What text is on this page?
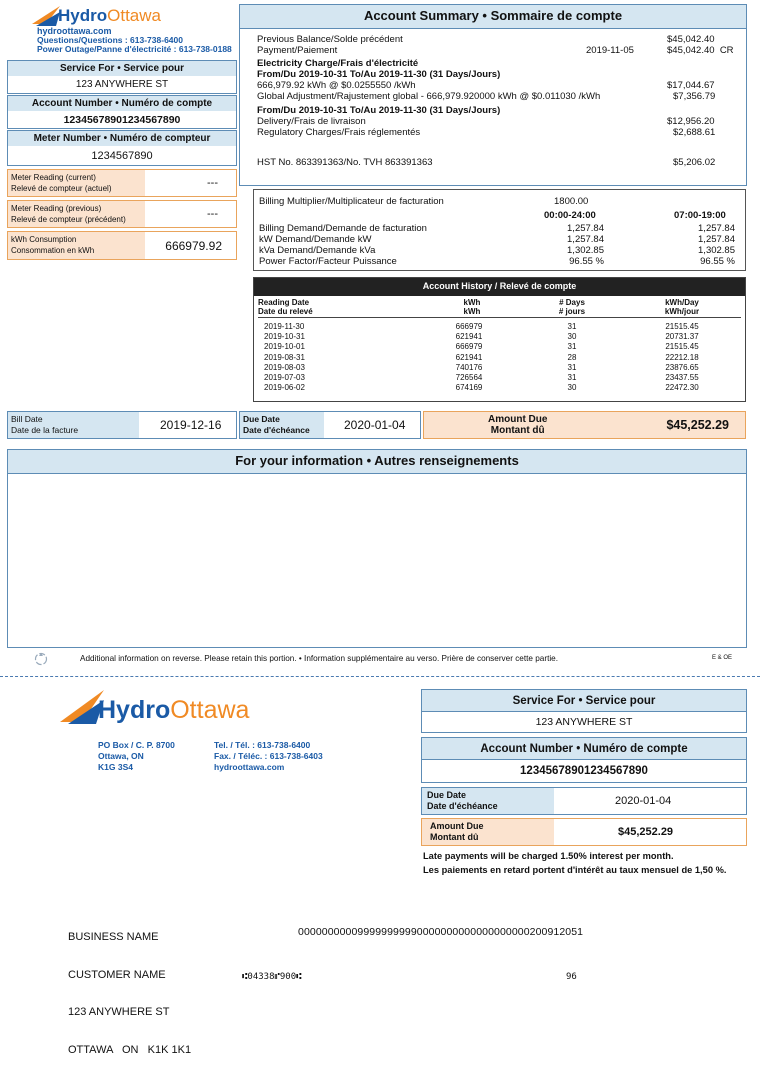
HydroOttawa
hydroottawa.com
Questions/Questions : 613-738-6400
Power Outage/Panne d'électricité : 613-738-0188
Service For • Service pour
123 ANYWHERE ST
Account Number • Numéro de compte
12345678901234567890
Meter Number • Numéro de compteur
1234567890
Meter Reading (current)
Relevé de compteur (actuel)	---
Meter Reading (previous)
Relevé de compteur (précédent)	---
kWh Consumption
Consommation en kWh	666979.92
Account Summary • Sommaire de compte
Previous Balance/Solde précédent	$45,042.40
Payment/Paiement	2019-11-05	$45,042.40  CR
Electricity Charge/Frais d'électricité
From/Du 2019-10-31 To/Au 2019-11-30 (31 Days/Jours)
666,979.92 kWh @ $0.0255550 /kWh	$17,044.67
Global Adjustment/Rajustement global - 666,979.920000 kWh @ $0.011030 /kWh	$7,356.79
From/Du 2019-10-31 To/Au 2019-11-30 (31 Days/Jours)
Delivery/Frais de livraison	$12,956.20
Regulatory Charges/Frais réglementés	$2,688.61
HST No. 863391363/No. TVH 863391363	$5,206.02
Billing Multiplier/Multiplicateur de facturation	1800.00
00:00-24:00	07:00-19:00
Billing Demand/Demande de facturation	1,257.84	1,257.84
kW Demand/Demande kW	1,257.84	1,257.84
kVa Demand/Demande kVa	1,302.85	1,302.85
Power Factor/Facteur Puissance	96.55 %	96.55 %
Account History / Relevé de compte
Reading Date
Date du relevé
kWh
kWh
# Days
# jours
kWh/Day
kWh/jour
2019-11-30	666979	31	21515.45
2019-10-31	621941	30	20731.37
2019-10-01	666979	31	21515.45
2019-08-31	621941	28	22212.18
2019-08-03	740176	31	23876.65
2019-07-03	726564	31	23437.55
2019-06-02	674169	30	22472.30
Bill Date
Date de la facture	2019-12-16	Due Date
Date d'échéance	2020-01-04	Amount Due
Montant dû	$45,252.29
For your information • Autres renseignements
Additional information on reverse. Please retain this portion. • Information supplémentaire au verso. Prière de conserver cette partie.	E & OE
HydroOttawa
PO Box / C. P. 8700
Ottawa, ON
K1G 3S4
Tel. / Tél. : 613-738-6400
Fax. / Téléc. : 613-738-6403
hydroottawa.com
Service For • Service pour
123 ANYWHERE ST
Account Number • Numéro de compte
12345678901234567890
Due Date
Date d'échéance	2020-01-04
Amount Due
Montant dû	$45,252.29
Late payments will be charged 1.50% interest per month.
Les paiements en retard portent d'intérêt au taux mensuel de 1,50 %.

BUSINESS NAME

CUSTOMER NAME

123 ANYWHERE ST

OTTAWA   ON   K1K 1K1

000000000099999999990000000000000000000200912051
⑆04338⑈900⑆	96
